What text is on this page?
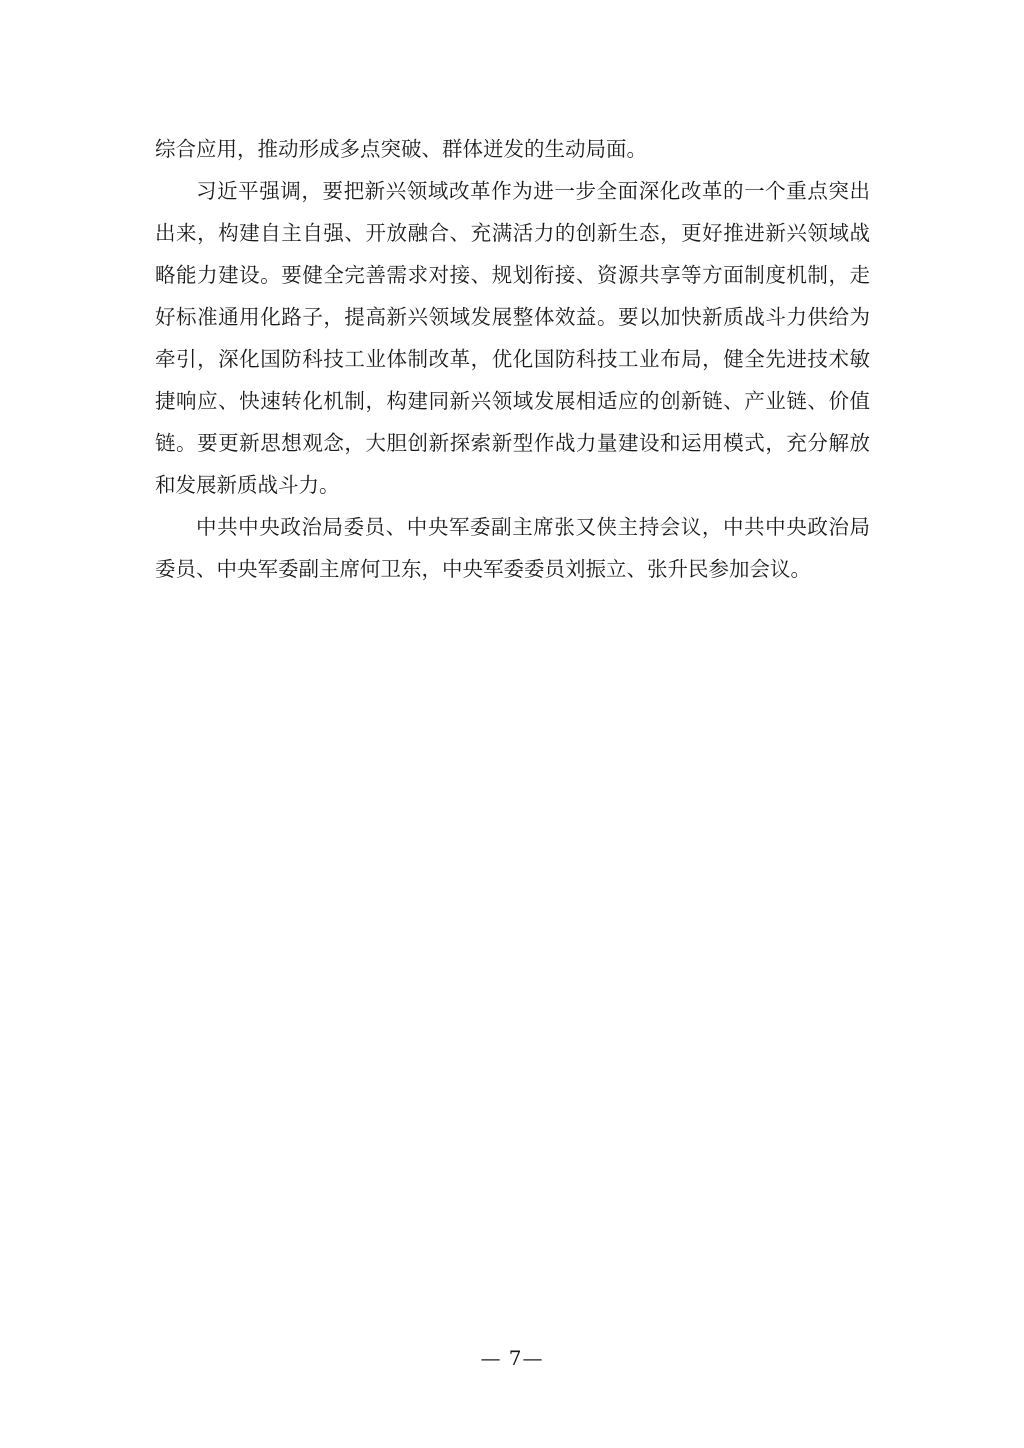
综合应用，推动形成多点突破、群体迸发的生动局面。

习近平强调，要把新兴领域改革作为进一步全面深化改革的一个重点突出出来，构建自主自强、开放融合、充满活力的创新生态，更好推进新兴领域战略能力建设。要健全完善需求对接、规划衔接、资源共享等方面制度机制，走好标准通用化路子，提高新兴领域发展整体效益。要以加快新质战斗力供给为牵引，深化国防科技工业体制改革，优化国防科技工业布局，健全先进技术敏捷响应、快速转化机制，构建同新兴领域发展相适应的创新链、产业链、价值链。要更新思想观念，大胆创新探索新型作战力量建设和运用模式，充分解放和发展新质战斗力。

中共中央政治局委员、中央军委副主席张又侠主持会议，中共中央政治局委员、中央军委副主席何卫东，中央军委委员刘振立、张升民参加会议。

— 7—
